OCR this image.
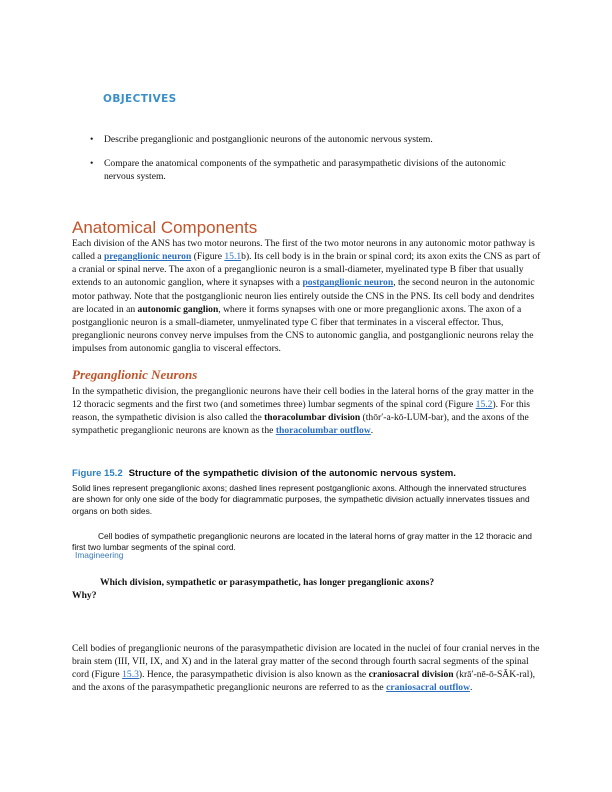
OBJECTIVES
• Describe preganglionic and postganglionic neurons of the autonomic nervous system.
• Compare the anatomical components of the sympathetic and parasympathetic divisions of the autonomic nervous system.
Anatomical Components

Each division of the ANS has two motor neurons. The first of the two motor neurons in any autonomic motor pathway is called a preganglionic neuron (Figure 15.1b). Its cell body is in the brain or spinal cord; its axon exits the CNS as part of a cranial or spinal nerve. The axon of a preganglionic neuron is a small-diameter, myelinated type B fiber that usually extends to an autonomic ganglion, where it synapses with a postganglionic neuron, the second neuron in the autonomic motor pathway. Note that the postganglionic neuron lies entirely outside the CNS in the PNS. Its cell body and dendrites are located in an autonomic ganglion, where it forms synapses with one or more preganglionic axons. The axon of a postganglionic neuron is a small-diameter, unmyelinated type C fiber that terminates in a visceral effector. Thus, preganglionic neurons convey nerve impulses from the CNS to autonomic ganglia, and postganglionic neurons relay the impulses from autonomic ganglia to visceral effectors.

Preganglionic Neurons

In the sympathetic division, the preganglionic neurons have their cell bodies in the lateral horns of the gray matter in the 12 thoracic segments and the first two (and sometimes three) lumbar segments of the spinal cord (Figure 15.2). For this reason, the sympathetic division is also called the thoracolumbar division (thōr′-a-kō-LUM-bar), and the axons of the sympathetic preganglionic neurons are known as the thoracolumbar outflow.

Figure 15.2 Structure of the sympathetic division of the autonomic nervous system.

Solid lines represent preganglionic axons; dashed lines represent postganglionic axons. Although the innervated structures are shown for only one side of the body for diagrammatic purposes, the sympathetic division actually innervates tissues and organs on both sides.

Cell bodies of sympathetic preganglionic neurons are located in the lateral horns of gray matter in the 12 thoracic and first two lumbar segments of the spinal cord.

Imagineering

Which division, sympathetic or parasympathetic, has longer preganglionic axons?
Why?

Cell bodies of preganglionic neurons of the parasympathetic division are located in the nuclei of four cranial nerves in the brain stem (III, VII, IX, and X) and in the lateral gray matter of the second through fourth sacral segments of the spinal cord (Figure 15.3). Hence, the parasympathetic division is also known as the craniosacral division (krā′-nē-ō-SĀK-ral), and the axons of the parasympathetic preganglionic neurons are referred to as the craniosacral outflow.
